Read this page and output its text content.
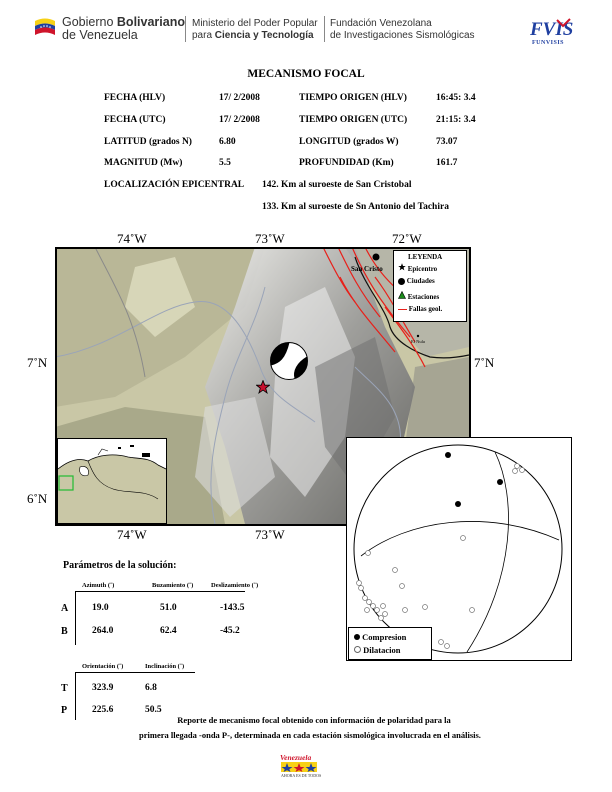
Gobierno Bolivariano
de Venezuela
Ministerio del Poder Popular
para Ciencia y Tecnología
Fundación Venezolana
de Investigaciones Sismológicas	FVIS
FUNVISIS
MECANISMO FOCAL
FECHA (HLV)	17/ 2/2008	TIEMPO ORIGEN (HLV)	16:45: 3.4
FECHA (UTC)	17/ 2/2008	TIEMPO ORIGEN (UTC)	21:15: 3.4
LATITUD (grados N)	6.80	LONGITUD (grados W)	73.07
MAGNITUD (Mw)	5.5	PROFUNDIDAD (Km)	161.7
LOCALIZACIÓN EPICENTRAL 142. Km al suroeste de San Cristobal
133. Km al suroeste de Sn Antonio del Tachira
74˚W	73˚W	72˚W
74˚W	73˚W
7˚N
6˚N
7˚N
San Cristo
El Nula
LEYENDA
Epicentro
Ciudades
Estaciones
Fallas geol.
Compresion
Dilatacion
Parámetros de la solución:
Azimuth (˚)	Buzamiento (˚)	Deslizamiento (˚)
A	19.0	51.0	-143.5
B	264.0	62.4	-45.2
Orientación (˚)	Inclinación (˚)
T	323.9	6.8
P	225.6	50.5
Reporte de mecanismo focal obtenido con información de polaridad para la
primera llegada -onda P-, determinada en cada estación sismológica involucrada en el análisis.
Venezuela
AHORA ES DE TODOS
